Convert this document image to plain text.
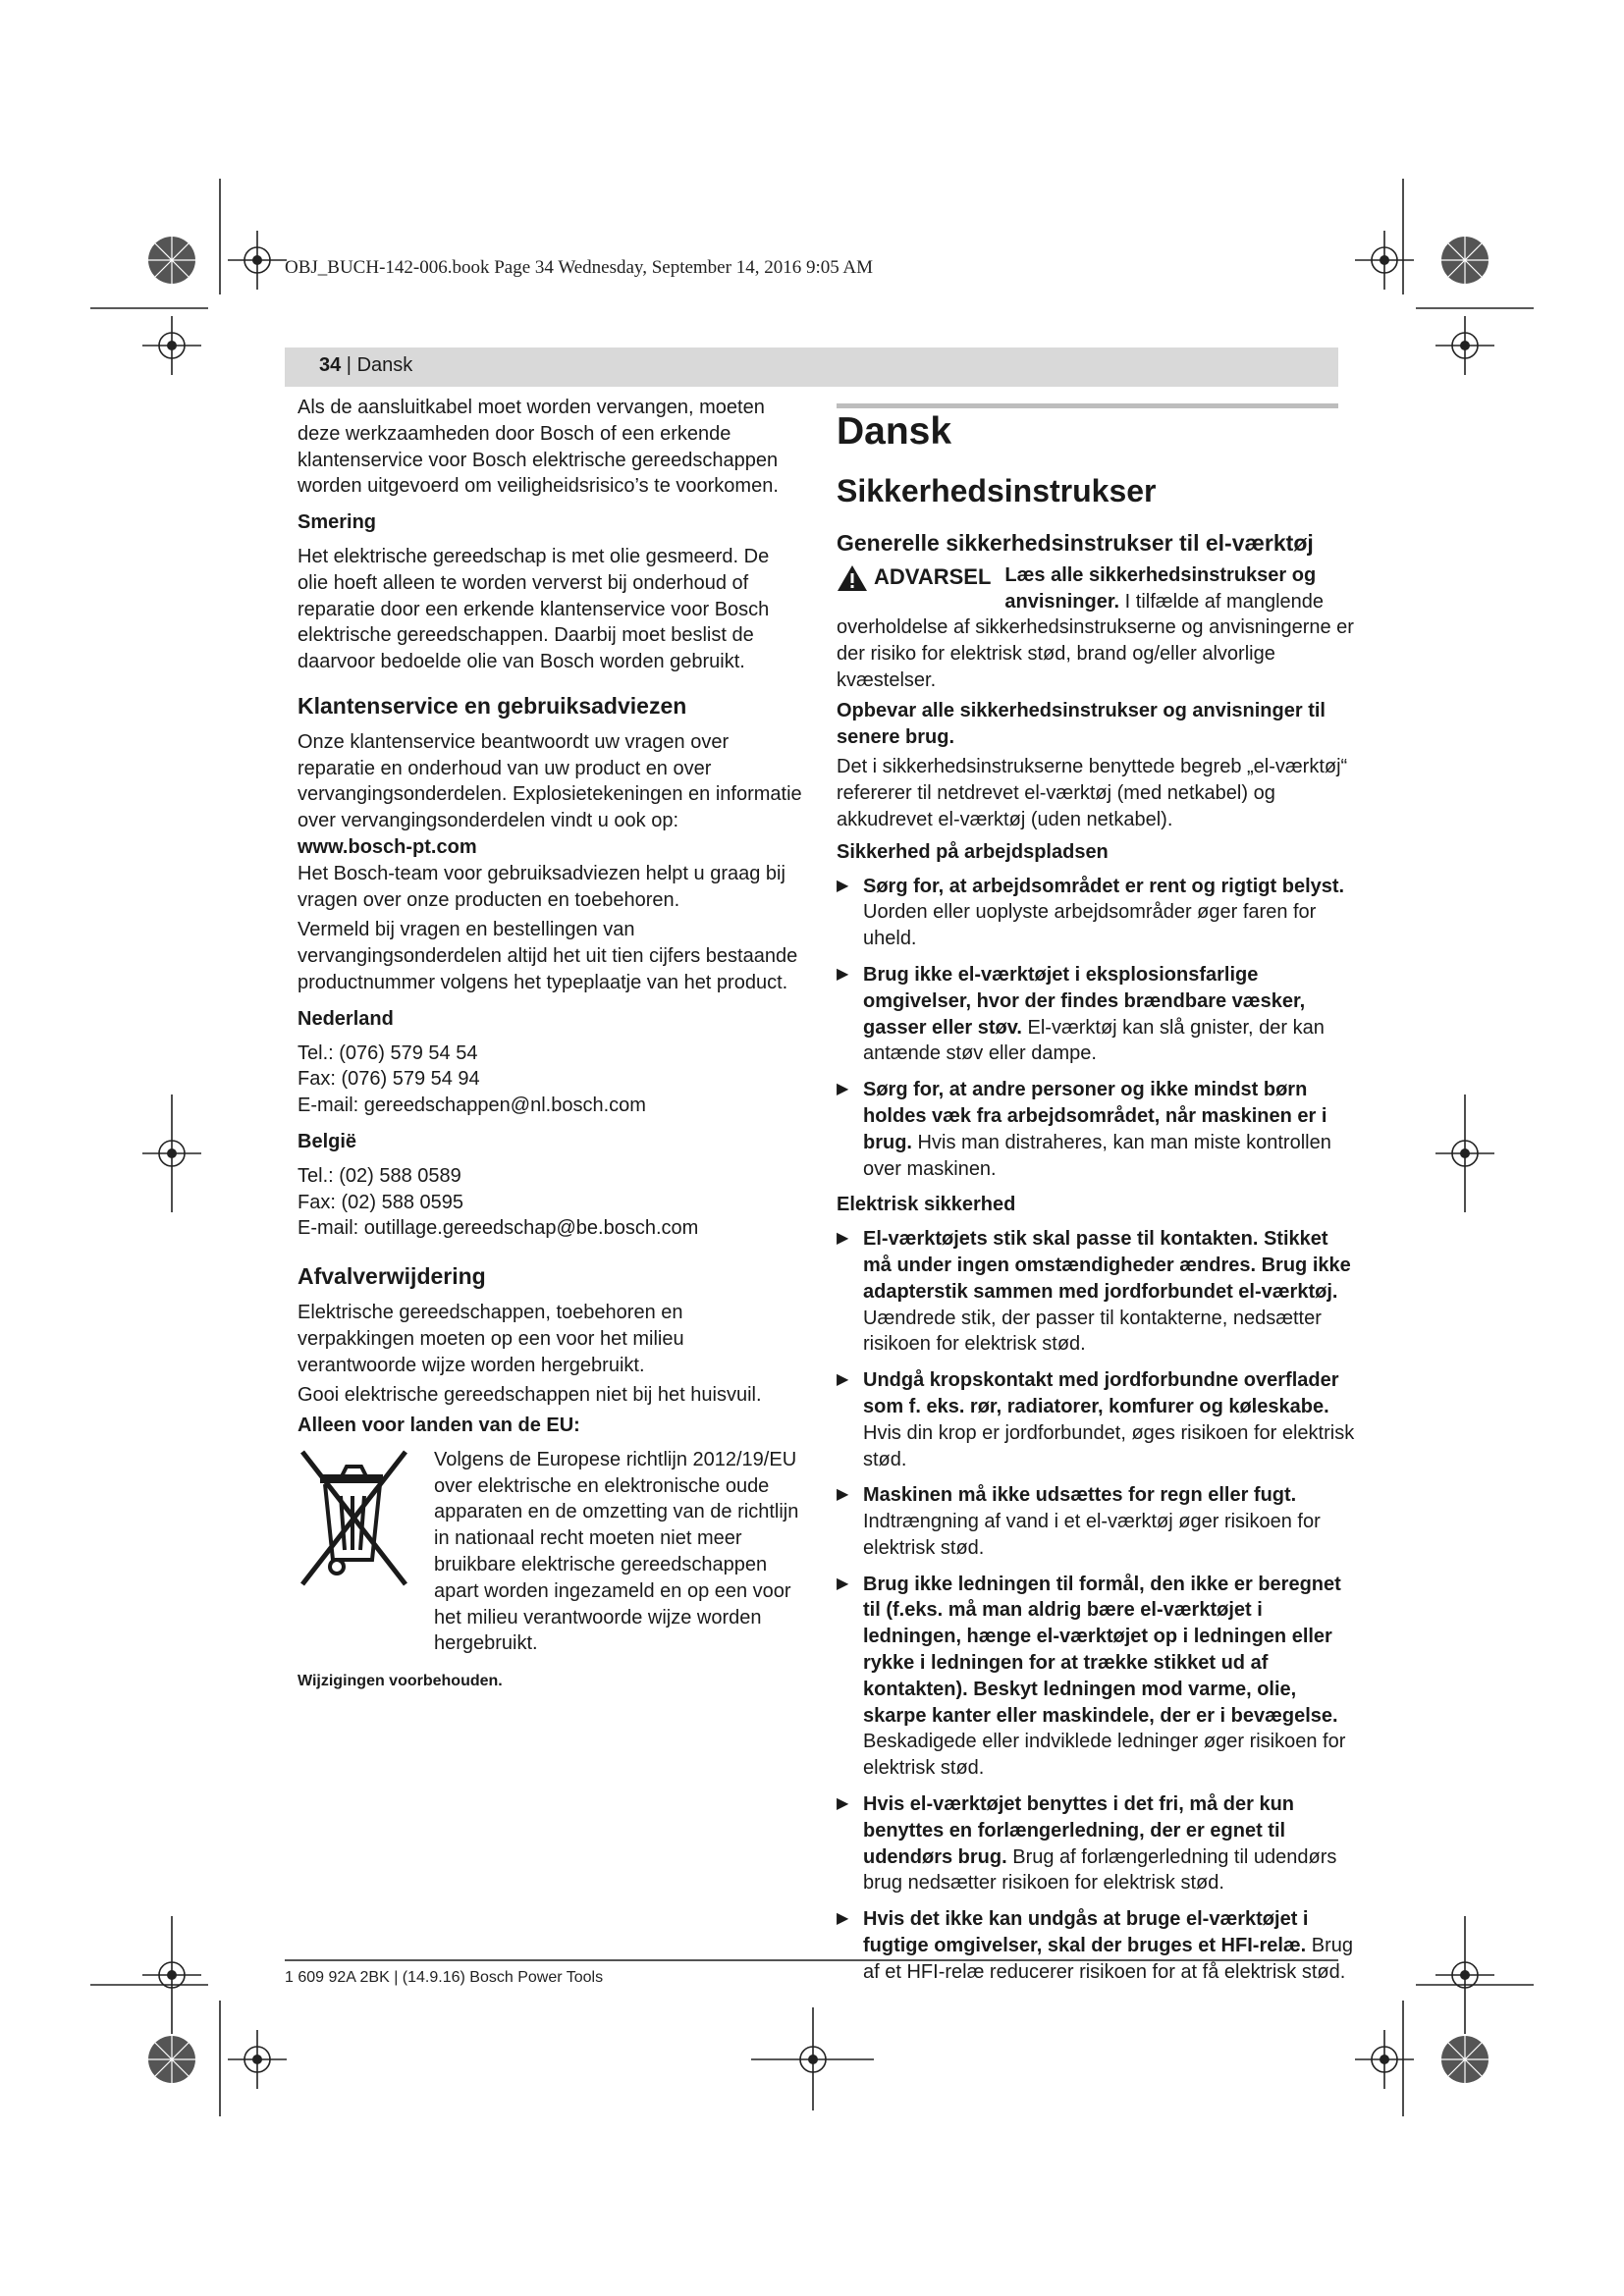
OBJ_BUCH-142-006.book Page 34 Wednesday, September 14, 2016 9:05 AM
34 | Dansk

Als de aansluitkabel moet worden vervangen, moeten deze werkzaamheden door Bosch of een erkende klantenservice voor Bosch elektrische gereedschappen worden uitgevoerd om veiligheidsrisico’s te voorkomen.

Smering

Het elektrische gereedschap is met olie gesmeerd. De olie hoeft alleen te worden ververst bij onderhoud of reparatie door een erkende klantenservice voor Bosch elektrische gereedschappen. Daarbij moet beslist de daarvoor bedoelde olie van Bosch worden gebruikt.

Klantenservice en gebruiksadviezen

Onze klantenservice beantwoordt uw vragen over reparatie en onderhoud van uw product en over vervangingsonderdelen. Explosietekeningen en informatie over vervangingsonderdelen vindt u ook op:

www.bosch-pt.com

Het Bosch-team voor gebruiksadviezen helpt u graag bij vragen over onze producten en toebehoren.

Vermeld bij vragen en bestellingen van vervangingsonderdelen altijd het uit tien cijfers bestaande productnummer volgens het typeplaatje van het product.

Nederland
Tel.: (076) 579 54 54
Fax: (076) 579 54 94
E-mail: gereedschappen@nl.bosch.com
België
Tel.: (02) 588 0589
Fax: (02) 588 0595
E-mail: outillage.gereedschap@be.bosch.com
Afvalverwijdering

Elektrische gereedschappen, toebehoren en verpakkingen moeten op een voor het milieu verantwoorde wijze worden hergebruikt.

Gooi elektrische gereedschappen niet bij het huisvuil.

Alleen voor landen van de EU:

Volgens de Europese richtlijn 2012/19/EU over elektrische en elektronische oude apparaten en de omzetting van de richtlijn in nationaal recht moeten niet meer bruikbare elektrische gereedschappen apart worden ingezameld en op een voor het milieu verantwoorde wijze worden hergebruikt.

Wijzigingen voorbehouden.
Dansk
Sikkerhedsinstrukser
Generelle sikkerhedsinstrukser til el-værktøj

ADVARSEL Læs alle sikkerhedsinstrukser og anvisninger. I tilfælde af manglende overholdelse af sikkerhedsinstrukserne og anvisningerne er der risiko for elektrisk stød, brand og/eller alvorlige kvæstelser.

Opbevar alle sikkerhedsinstrukser og anvisninger til senere brug.

Det i sikkerhedsinstrukserne benyttede begreb „el-værktøj“ refererer til netdrevet el-værktøj (med netkabel) og akkudrevet el-værktøj (uden netkabel).

Sikkerhed på arbejdspladsen
▶ Sørg for, at arbejdsområdet er rent og rigtigt belyst. Uorden eller uoplyste arbejdsområder øger faren for uheld.
▶ Brug ikke el-værktøjet i eksplosionsfarlige omgivelser, hvor der findes brændbare væsker, gasser eller støv. El-værktøj kan slå gnister, der kan antænde støv eller dampe.
▶ Sørg for, at andre personer og ikke mindst børn holdes væk fra arbejdsområdet, når maskinen er i brug. Hvis man distraheres, kan man miste kontrollen over maskinen.
Elektrisk sikkerhed
▶ El-værktøjets stik skal passe til kontakten. Stikket må under ingen omstændigheder ændres. Brug ikke adapterstik sammen med jordforbundet el-værktøj. Uændrede stik, der passer til kontakterne, nedsætter risikoen for elektrisk stød.
▶ Undgå kropskontakt med jordforbundne overflader som f. eks. rør, radiatorer, komfurer og køleskabe. Hvis din krop er jordforbundet, øges risikoen for elektrisk stød.
▶ Maskinen må ikke udsættes for regn eller fugt. Indtrængning af vand i et el-værktøj øger risikoen for elektrisk stød.
▶ Brug ikke ledningen til formål, den ikke er beregnet til (f.eks. må man aldrig bære el-værktøjet i ledningen, hænge el-værktøjet op i ledningen eller rykke i ledningen for at trække stikket ud af kontakten). Beskyt ledningen mod varme, olie, skarpe kanter eller maskindele, der er i bevægelse. Beskadigede eller indviklede ledninger øger risikoen for elektrisk stød.
▶ Hvis el-værktøjet benyttes i det fri, må der kun benyttes en forlængerledning, der er egnet til udendørs brug. Brug af forlængerledning til udendørs brug nedsætter risikoen for elektrisk stød.
▶ Hvis det ikke kan undgås at bruge el-værktøjet i fugtige omgivelser, skal der bruges et HFI-relæ. Brug af et HFI-relæ reducerer risikoen for at få elektrisk stød.
1 609 92A 2BK | (14.9.16) Bosch Power Tools
